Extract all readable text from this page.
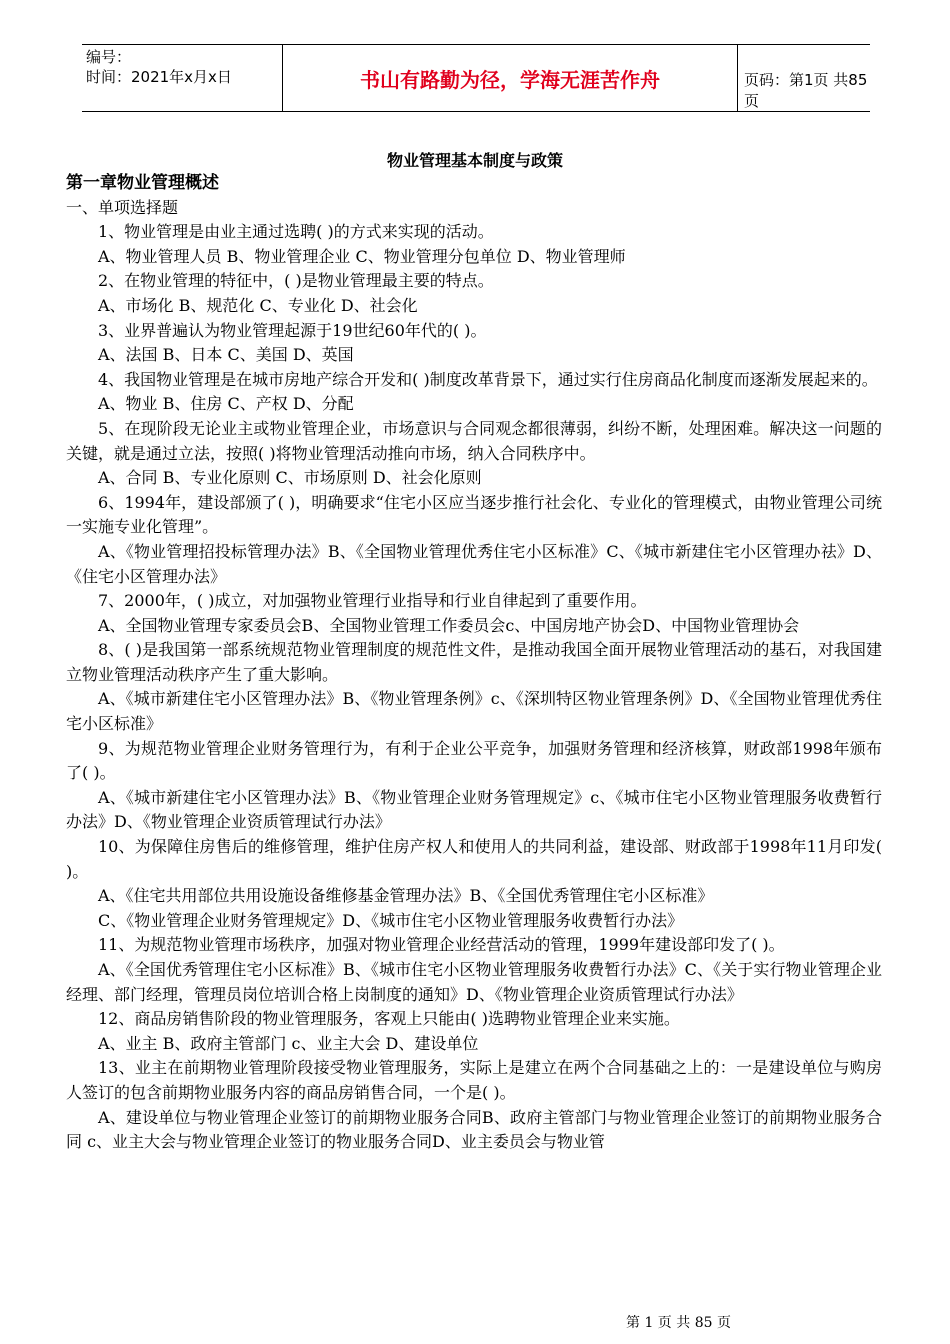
编号：
时间：2021年x月x日	书山有路勤为径，学海无涯苦作舟	页码：第1页 共85页
物业管理基本制度与政策

第一章物业管理概述

一、单项选择题

1、物业管理是由业主通过选聘( )的方式来实现的活动。

A、物业管理人员 B、物业管理企业 C、物业管理分包单位 D、物业管理师

2、在物业管理的特征中，( )是物业管理最主要的特点。

A、市场化 B、规范化 C、专业化 D、社会化

3、业界普遍认为物业管理起源于19世纪60年代的( )。

A、法国 B、日本 C、美国 D、英国

4、我国物业管理是在城市房地产综合开发和( )制度改革背景下，通过实行住房商品化制度而逐渐发展起来的。

A、物业 B、住房 C、产权 D、分配

5、在现阶段无论业主或物业管理企业，市场意识与合同观念都很薄弱，纠纷不断，处理困难。解决这一问题的关键，就是通过立法，按照( )将物业管理活动推向市场，纳入合同秩序中。

A、合同 B、专业化原则 C、市场原则 D、社会化原则

6、1994年，建设部颁了( )，明确要求“住宅小区应当逐步推行社会化、专业化的管理模式，由物业管理公司统一实施专业化管理”。

A、《物业管理招投标管理办法》B、《全国物业管理优秀住宅小区标准》C、《城市新建住宅小区管理办祛》D、《住宅小区管理办法》

7、2000年，( )成立，对加强物业管理行业指导和行业自律起到了重要作用。

A、全国物业管理专家委员会B、全国物业管理工作委员会c、中国房地产协会D、中国物业管理协会

8、( )是我国第一部系统规范物业管理制度的规范性文件，是推动我国全面开展物业管理活动的基石，对我国建立物业管理活动秩序产生了重大影响。

A、《城市新建住宅小区管理办法》B、《物业管理条例》c、《深圳特区物业管理条例》D、《全国物业管理优秀住宅小区标准》

9、为规范物业管理企业财务管理行为，有利于企业公平竞争，加强财务管理和经济核算，财政部1998年颁布了( )。

A、《城市新建住宅小区管理办法》B、《物业管理企业财务管理规定》c、《城市住宅小区物业管理服务收费暂行办法》D、《物业管理企业资质管理试行办法》

10、为保障住房售后的维修管理，维护住房产权人和使用人的共同利益，建设部、财政部于1998年11月印发( )。

A、《住宅共用部位共用设施设备维修基金管理办法》B、《全国优秀管理住宅小区标准》

C、《物业管理企业财务管理规定》D、《城市住宅小区物业管理服务收费暂行办法》

11、为规范物业管理市场秩序，加强对物业管理企业经营活动的管理，1999年建设部印发了( )。

A、《全国优秀管理住宅小区标准》B、《城市住宅小区物业管理服务收费暂行办法》C、《关于实行物业管理企业经理、部门经理，管理员岗位培训合格上岗制度的通知》D、《物业管理企业资质管理试行办法》

12、商品房销售阶段的物业管理服务，客观上只能由( )选聘物业管理企业来实施。

A、业主 B、政府主管部门 c、业主大会 D、建设单位

13、业主在前期物业管理阶段接受物业管理服务，实际上是建立在两个合同基础之上的：一是建设单位与购房人签订的包含前期物业服务内容的商品房销售合同，一个是( )。

A、建设单位与物业管理企业签订的前期物业服务合同B、政府主管部门与物业管理企业签订的前期物业服务合同 c、业主大会与物业管理企业签订的物业服务合同D、业主委员会与物业管

第 1 页 共 85 页
